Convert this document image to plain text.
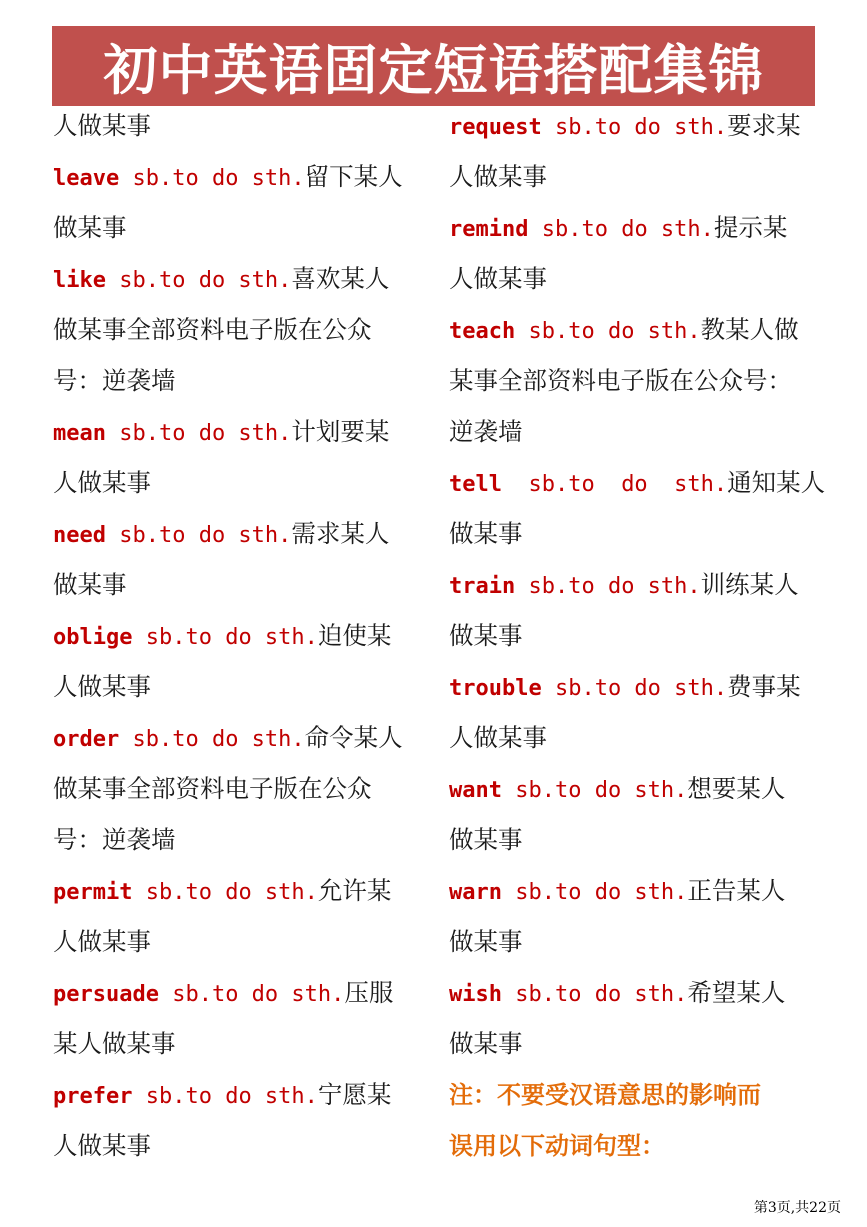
初中英语固定短语搭配集锦
人做某事
leave sb.to do sth.留下某人
做某事
like sb.to do sth.喜欢某人
做某事全部资料电子版在公众
号：逆袭墙
mean sb.to do sth.计划要某
人做某事
need sb.to do sth.需求某人
做某事
oblige sb.to do sth.迫使某
人做某事
order sb.to do sth.命令某人
做某事全部资料电子版在公众
号：逆袭墙
permit sb.to do sth.允许某
人做某事
persuade sb.to do sth.压服
某人做某事
prefer sb.to do sth.宁愿某
人做某事
request sb.to do sth.要求某
人做某事
remind sb.to do sth.提示某
人做某事
teach sb.to do sth.教某人做
某事全部资料电子版在公众号：
逆袭墙
tell  sb.to  do  sth.通知某人
做某事
train sb.to do sth.训练某人
做某事
trouble sb.to do sth.费事某
人做某事
want sb.to do sth.想要某人
做某事
warn sb.to do sth.正告某人
做某事
wish sb.to do sth.希望某人
做某事
注：不要受汉语意思的影响而
误用以下动词句型：
第3页,共22页
